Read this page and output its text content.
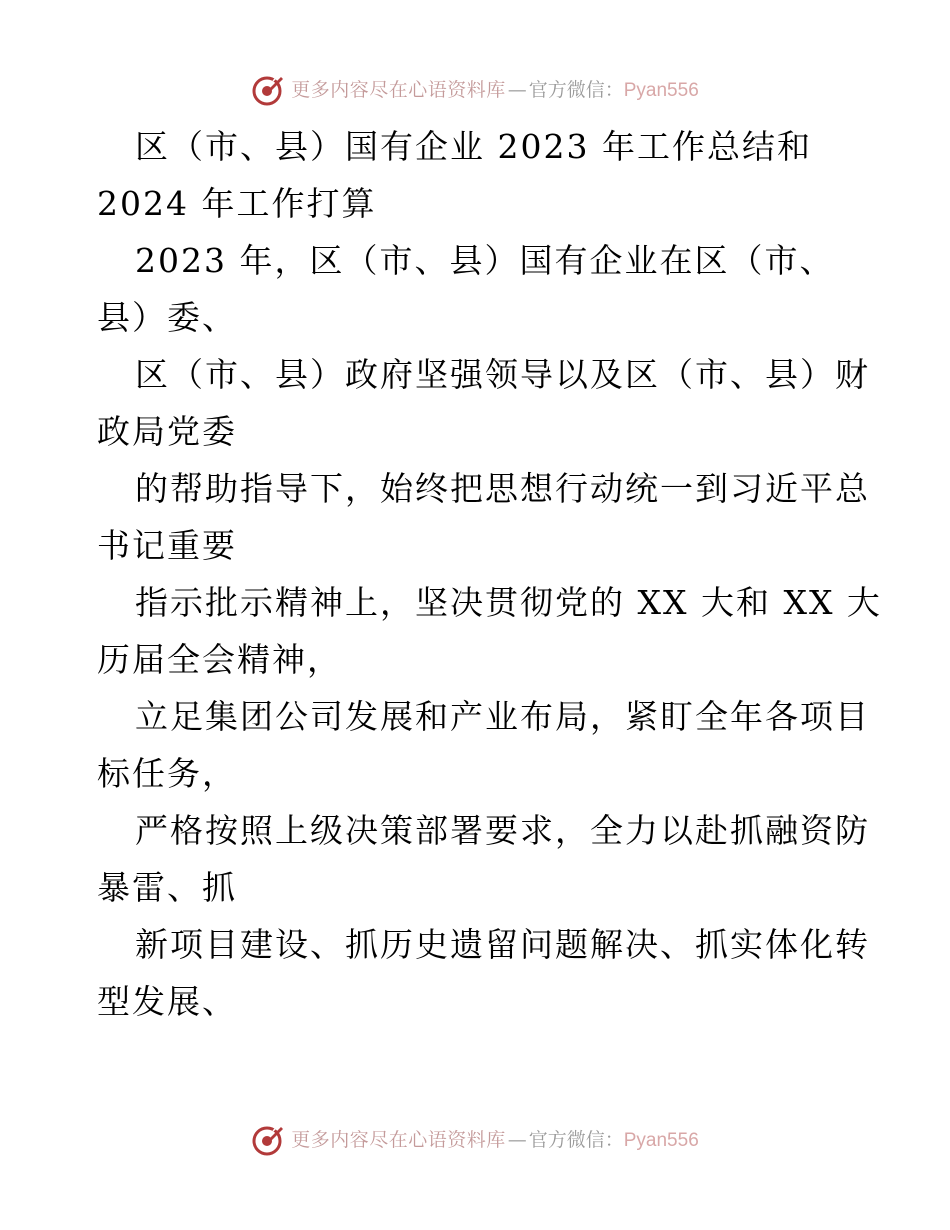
更多内容尽在心语资料库 — 官方微信： Pyan556
区（市、县）国有企业 2023 年工作总结和
2024 年工作打算
2023 年，区（市、县）国有企业在区（市、
县）委、
区（市、县）政府坚强领导以及区（市、县）财
政局党委
的帮助指导下，始终把思想行动统一到习近平总
书记重要
指示批示精神上，坚决贯彻党的 XX 大和 XX 大
历届全会精神，
立足集团公司发展和产业布局，紧盯全年各项目
标任务，
严格按照上级决策部署要求，全力以赴抓融资防
暴雷、抓
新项目建设、抓历史遗留问题解决、抓实体化转
型发展、
更多内容尽在心语资料库 — 官方微信： Pyan556
